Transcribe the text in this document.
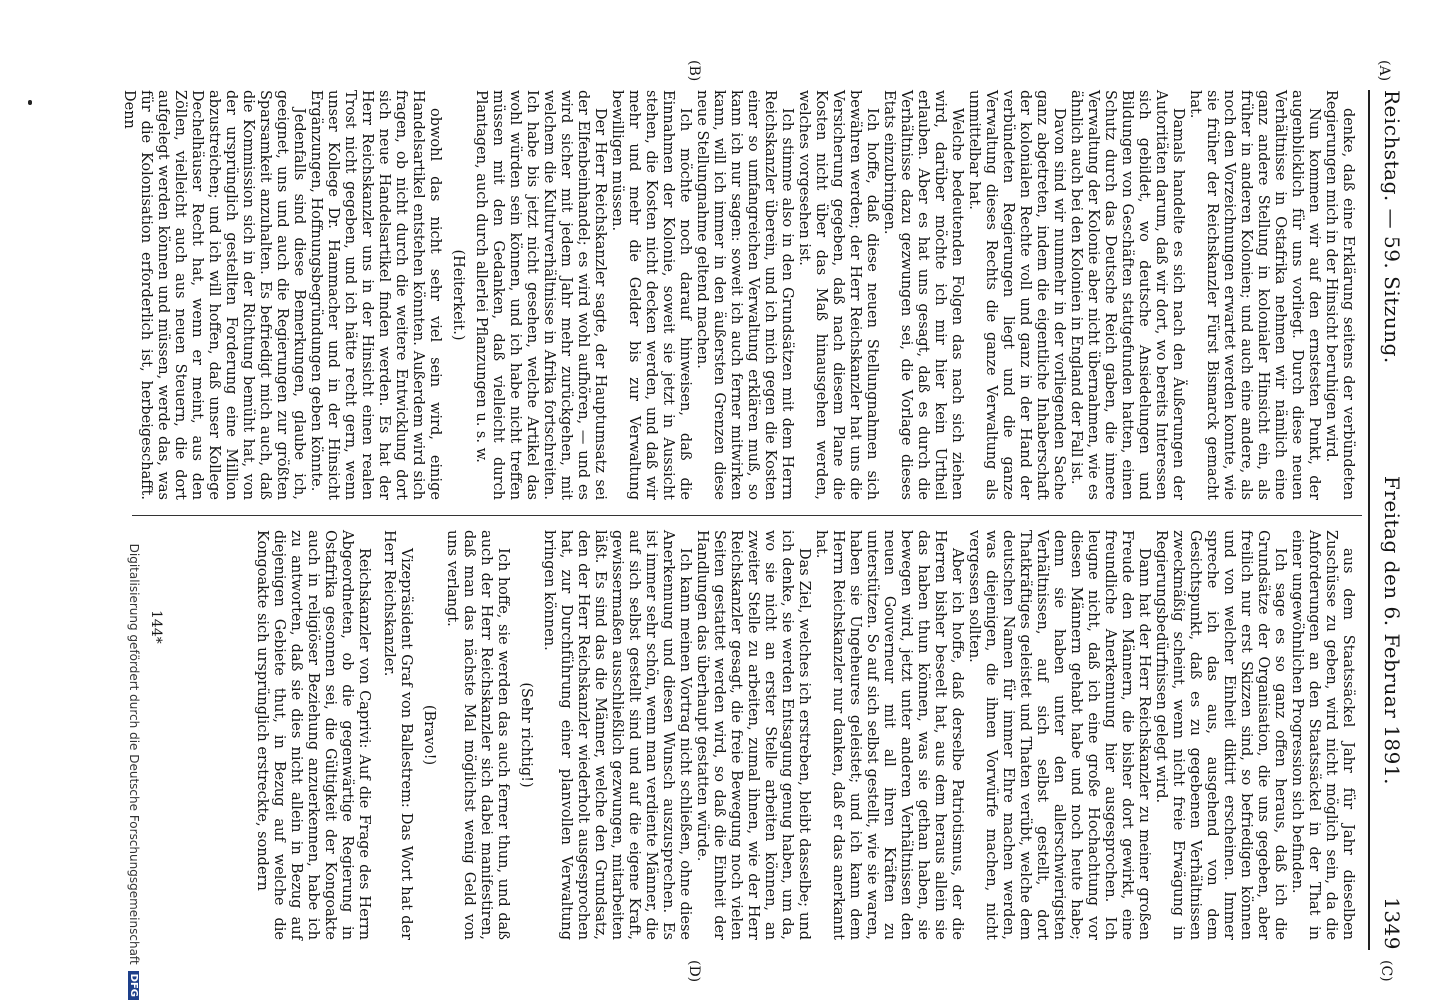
(A)
(B)
(C)
(D)
Reichstag. — 59. Sitzung.
Freitag den 6. Februar 1891.
1349

denke, daß eine Erklärung seitens der verbündeten Regierungen mich in der Hinsicht beruhigen wird.

Nun kommen wir auf den ernstesten Punkt, der augenblicklich für uns vorliegt. Durch diese neuen Verhältnisse in Ostafrika nehmen wir nämlich eine ganz andere Stellung in kolonialer Hinsicht ein, als früher in anderen Kolonien; und auch eine andere, als noch den Vorzeichnungen erwartet werden konnte, wie sie früher der Reichskanzler Fürst Bismarck gemacht hat.

Damals handelte es sich nach den Äußerungen der Autoritäten darum, daß wir dort, wo bereits Interessen sich gebildet, wo deutsche Ansiedelungen und Bildungen von Geschäften stattgefunden hatten, einen Schutz durch das Deutsche Reich gaben, die innere Verwaltung der Kolonie aber nicht übernahmen, wie es ähnlich auch bei den Kolonien in England der Fall ist.

Davon sind wir nunmehr in der vorliegenden Sache ganz abgetreten, indem die eigentliche Inhaberschaft der kolonialen Rechte voll und ganz in der Hand der verbündeten Regierungen liegt und die ganze Verwaltung dieses Rechts die ganze Verwaltung als unmittelbar hat.

Welche bedeutenden Folgen das nach sich ziehen wird, darüber möchte ich mir hier kein Urtheil erlauben. Aber es hat uns gesagt, daß es durch die Verhältnisse dazu gezwungen sei, die Vorlage dieses Etats einzubringen.

Ich hoffe, daß diese neuen Stellungnahmen sich bewähren werden; der Herr Reichskanzler hat uns die Versicherung gegeben, daß nach diesem Plane die Kosten nicht über das Maß hinausgehen werden, welches vorgesehen ist.

Ich stimme also in den Grundsätzen mit dem Herrn Reichskanzler überein, und ich mich gegen die Kosten einer so umfangreichen Verwaltung erklären muß, so kann ich nur sagen: soweit ich auch ferner mitwirken kann, will ich immer in den äußersten Grenzen diese neue Stellungnahme geltend machen.

Ich möchte noch darauf hinweisen, daß die Einnahmen der Kolonie, soweit sie jetzt in Aussicht stehen, die Kosten nicht decken werden, und daß wir mehr und mehr die Gelder bis zur Verwaltung bewilligen müssen.

Der Herr Reichskanzler sagte, der Hauptumsatz sei der Elfenbeinhandel; es wird wohl aufhören, — und es wird sicher mit jedem Jahr mehr zurückgehen, mit welchem die Kulturverhältnisse in Afrika fortschreiten. Ich habe bis jetzt nicht gesehen, welche Artikel das wohl würden sein können, und ich habe nicht treffen müssen mit den Gedanken, daß vielleicht durch Plantagen, auch durch allerlei Pflanzungen u. s. w.

(Heiterkeit.)

obwohl das nicht sehr viel sein wird, einige Handelsartikel entstehen könnten. Außerdem wird sich fragen, ob nicht durch die weitere Entwicklung dort sich neue Handelsartikel finden werden. Es hat der Herr Reichskanzler uns in der Hinsicht einen realen Trost nicht gegeben, und ich hätte recht gern, wenn unser Kollege Dr. Hammacher und in der Hinsicht Ergänzungen, Hoffnungsbegründungen geben könnte.

Jedenfalls sind diese Bemerkungen, glaube ich, geeignet, uns und auch die Regierungen zur größten Sparsamkeit anzuhalten. Es befriedigt mich auch, daß die Kommission sich in der Richtung bemüht hat, von der ursprünglich gestellten Forderung eine Million abzustreichen; und ich will hoffen, daß unser Kollege Dechelhäuser Recht hat, wenn er meint, aus den Zöllen, vielleicht auch aus neuen Steuern, die dort aufgelegt werden können und müssen, werde das, was für die Kolonisation erforderlich ist, herbeigeschafft. Denn

aus dem Staatssäckel Jahr für Jahr dieselben Zuschüsse zu geben, wird nicht möglich sein, da die Anforderungen an den Staatssäckel in der That in einer ungewöhnlichen Progression sich befinden.

Ich sage es so ganz offen heraus, daß ich die Grundsätze der Organisation, die uns gegeben, aber freilich nur erst Skizzen sind, so befriedigen können und von welcher Einheit diktirt erscheinen. Immer spreche ich das aus, ausgehend von dem Gesichtspunkt, daß es zu gegebenen Verhältnissen zweckmäßig scheint, wenn nicht freie Erwägung in Regierungsbedürfnissen gelegt wird.

Dann hat der Herr Reichskanzler zu meiner großen Freude den Männern, die bisher dort gewirkt, eine freundliche Anerkennung hier ausgesprochen. Ich leugne nicht, daß ich eine große Hochachtung vor diesen Männern gehabt habe und noch heute habe; denn sie haben unter den allerschwierigsten Verhältnissen, auf sich selbst gestellt, dort Thatkräftiges geleistet und Thaten verübt, welche dem deutschen Namen für immer Ehre machen werden, was diejenigen, die ihnen Vorwürfe machen, nicht vergessen sollten.

Aber ich hoffe, daß derselbe Patriotismus, der die Herren bisher beseelt hat, aus dem heraus allein sie das haben thun können, was sie gethan haben, sie bewegen wird, jetzt unter anderen Verhältnissen den neuen Gouverneur mit all ihren Kräften zu unterstützen. So auf sich selbst gestellt, wie sie waren, haben sie Ungeheures geleistet; und ich kann dem Herrn Reichskanzler nur danken, daß er das anerkannt hat.

Das Ziel, welches ich erstreben, bleibt dasselbe; und ich denke, sie werden Entsagung genug haben, um da, wo sie nicht an erster Stelle arbeiten können, an zweiter Stelle zu arbeiten, zumal ihnen, wie der Herr Reichskanzler gesagt, die freie Bewegung noch vielen Seiten gestattet werden wird, so daß die Einheit der Handlungen das überhaupt gestatten würde.

Ich kann meinen Vortrag nicht schließen, ohne diese Anerkennung und diesen Wunsch auszusprechen. Es ist immer sehr schön, wenn man verdiente Männer, die auf sich selbst gestellt sind und auf die eigene Kraft, gewissermaßen ausschließlich gezwungen, mitarbeiten läßt. Es sind das die Männer, welche den Grundsatz, den der Herr Reichskanzler wiederholt ausgesprochen hat, zur Durchführung einer planvollen Verwaltung bringen können.

(Sehr richtig!)

Ich hoffe, sie werden das auch ferner thun, und daß auch der Herr Reichskanzler sich dabei manifestiren, daß man das nächste Mal möglichst wenig Geld von uns verlangt.

(Bravo!)

Vizepräsident Graf von Ballestrem: Das Wort hat der Herr Reichskanzler.

Reichskanzler von Caprivi: Auf die Frage des Herrn Abgeordneten, ob die gegenwärtige Regierung in Ostafrika gesonnen sei, die Gültigkeit der Kongoakte auch in religiöser Beziehung anzuerkennen, habe ich zu antworten, daß sie dies nicht allein in Bezug auf diejenigen Gebiete thut, in Bezug auf welche die Kongoakte sich ursprünglich erstreckte, sondern

144*
Digitalisierung gefördert durch die Deutsche Forschungsgemeinschaft
DFG
